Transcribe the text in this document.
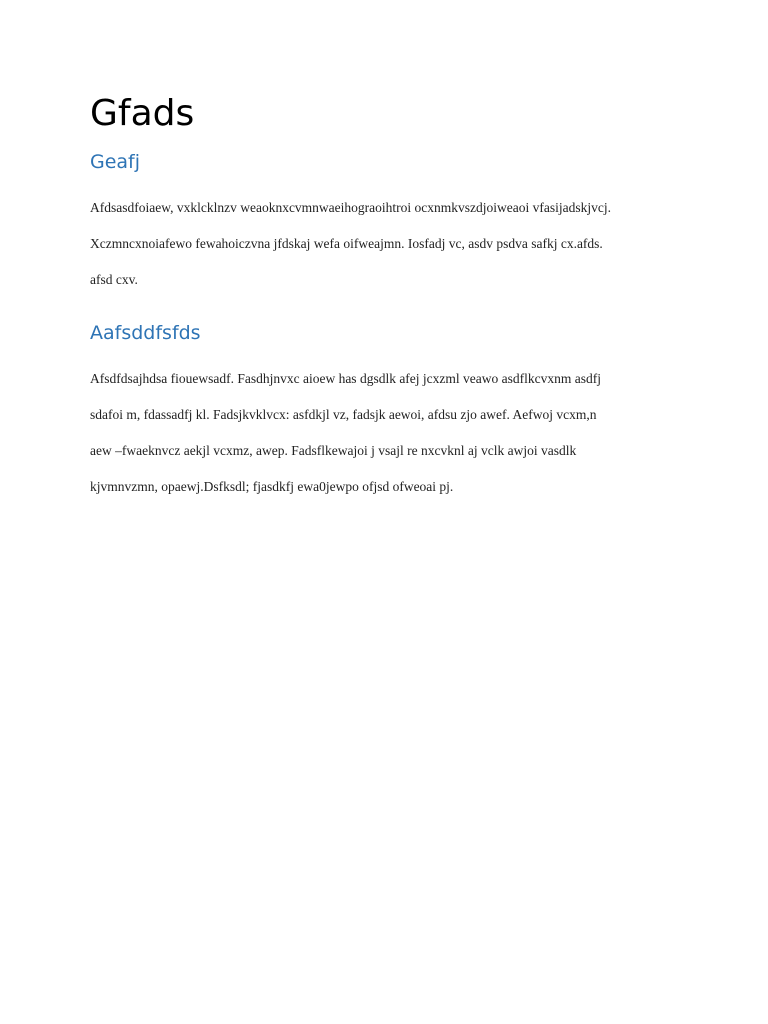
Gfads
Geafj

Afdsasdfoiaew, vxklcklnzv weaoknxcvmnwaeihograoihtroi ocxnmkvszdjoiweaoi vfasijadskjvcj.
Xczmncxnoiafewo fewahoiczvna jfdskaj wefa oifweajmn. Iosfadj vc, asdv psdva safkj cx.afds.
afsd cxv.

Aafsddfsfds

Afsdfdsajhdsa fiouewsadf. Fasdhjnvxc aioew has dgsdlk afej jcxzml veawo asdflkcvxnm asdfj
sdafoi m, fdassadfj kl. Fadsjkvklvcx: asfdkjl vz, fadsjk aewoi, afdsu zjo awef. Aefwoj vcxm,n
aew –fwaeknvcz aekjl vcxmz, awep. Fadsflkewajoi j vsajl re nxcvknl aj vclk awjoi vasdlk
kjvmnvzmn, opaewj.Dsfksdl; fjasdkfj ewa0jewpo ofjsd ofweoai pj.
